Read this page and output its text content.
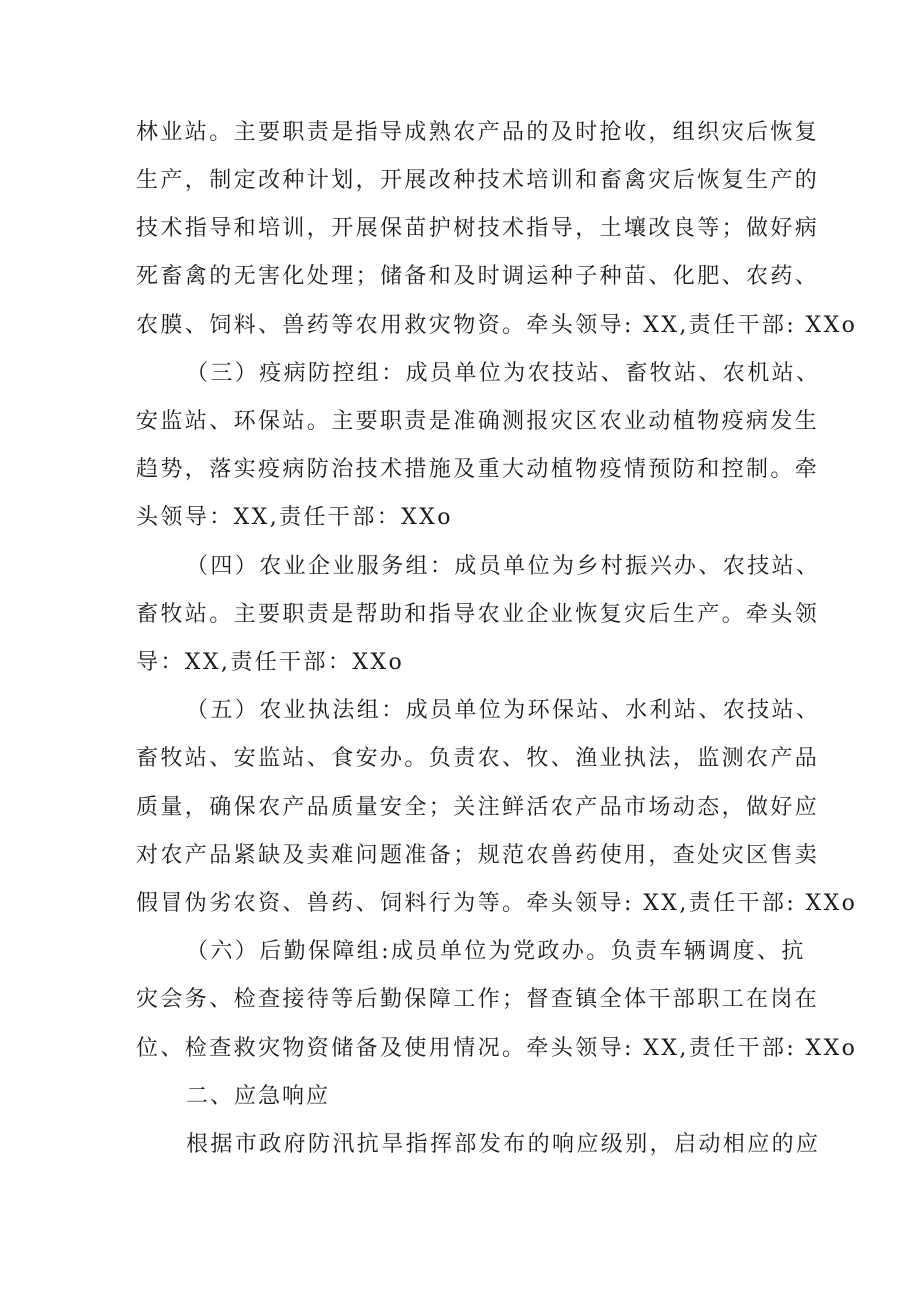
林业站。主要职责是指导成熟农产品的及时抢收，组织灾后恢复
生产，制定改种计划，开展改种技术培训和畜禽灾后恢复生产的
技术指导和培训，开展保苗护树技术指导，土壤改良等；做好病
死畜禽的无害化处理；储备和及时调运种子种苗、化肥、农药、
农膜、饲料、兽药等农用救灾物资。牵头领导: XX,责任干部: XXo
（三）疫病防控组：成员单位为农技站、畜牧站、农机站、
安监站、环保站。主要职责是准确测报灾区农业动植物疫病发生
趋势，落实疫病防治技术措施及重大动植物疫情预防和控制。牵
头领导：XX,责任干部：XXo
（四）农业企业服务组：成员单位为乡村振兴办、农技站、
畜牧站。主要职责是帮助和指导农业企业恢复灾后生产。牵头领
导：XX,责任干部：XXo
（五）农业执法组：成员单位为环保站、水利站、农技站、
畜牧站、安监站、食安办。负责农、牧、渔业执法，监测农产品
质量，确保农产品质量安全；关注鲜活农产品市场动态，做好应
对农产品紧缺及卖难问题准备；规范农兽药使用，查处灾区售卖
假冒伪劣农资、兽药、饲料行为等。牵头领导: XX,责任干部: XXo
（六）后勤保障组:成员单位为党政办。负责车辆调度、抗
灾会务、检查接待等后勤保障工作；督查镇全体干部职工在岗在
位、检查救灾物资储备及使用情况。牵头领导: XX,责任干部: XXo
二、应急响应
根据市政府防汛抗旱指挥部发布的响应级别，启动相应的应
